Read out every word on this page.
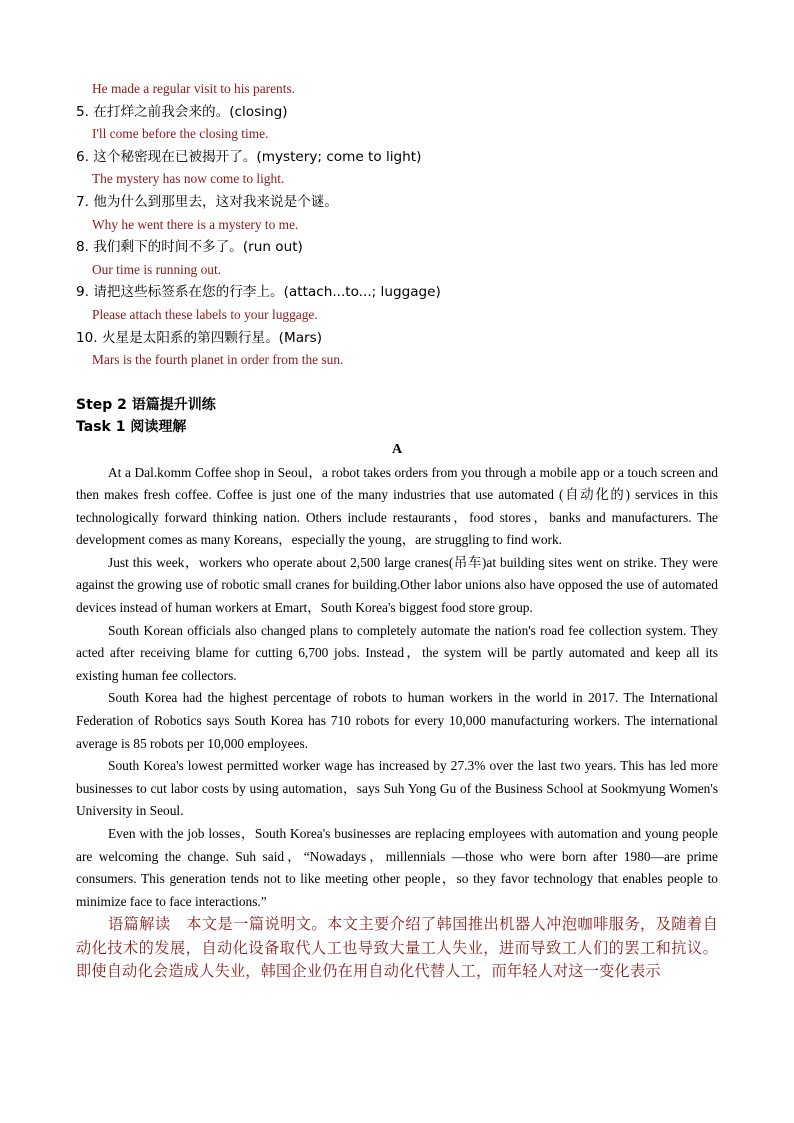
He made a regular visit to his parents.
5. 在打烊之前我会来的。(closing)
I'll come before the closing time.
6. 这个秘密现在已被揭开了。(mystery; come to light)
The mystery has now come to light.
7. 他为什么到那里去，这对我来说是个谜。
Why he went there is a mystery to me.
8. 我们剩下的时间不多了。(run out)
Our time is running out.
9. 请把这些标签系在您的行李上。(attach...to...; luggage)
Please attach these labels to your luggage.
10. 火星是太阳系的第四颗行星。(Mars)
Mars is the fourth planet in order from the sun.
Step 2 语篇提升训练
Task 1 阅读理解
A

At a Dal.komm Coffee shop in Seoul，a robot takes orders from you through a mobile app or a touch screen and then makes fresh coffee. Coffee is just one of the many industries that use automated (自动化的) services in this technologically forward thinking nation. Others include restaurants，food stores，banks and manufacturers. The development comes as many Koreans，especially the young，are struggling to find work.

Just this week，workers who operate about 2,500 large cranes(吊车)at building sites went on strike. They were against the growing use of robotic small cranes for building.Other labor unions also have opposed the use of automated devices instead of human workers at Emart，South Korea's biggest food store group.

South Korean officials also changed plans to completely automate the nation's road fee collection system. They acted after receiving blame for cutting 6,700 jobs. Instead，the system will be partly automated and keep all its existing human fee collectors.

South Korea had the highest percentage of robots to human workers in the world in 2017. The International Federation of Robotics says South Korea has 710 robots for every 10,000 manufacturing workers. The international average is 85 robots per 10,000 employees.

South Korea's lowest permitted worker wage has increased by 27.3% over the last two years. This has led more businesses to cut labor costs by using automation，says Suh Yong Gu of the Business School at Sookmyung Women's University in Seoul.

Even with the job losses，South Korea's businesses are replacing employees with automation and young people are welcoming the change. Suh said，“Nowadays，millennials —those who were born after 1980—are prime consumers. This generation tends not to like meeting other people，so they favor technology that enables people to minimize face to face interactions.”

语篇解读　本文是一篇说明文。本文主要介绍了韩国推出机器人冲泡咖啡服务，及随着自动化技术的发展，自动化设备取代人工也导致大量工人失业，进而导致工人们的罢工和抗议。即使自动化会造成人失业，韩国企业仍在用自动化代替人工，而年轻人对这一变化表示
